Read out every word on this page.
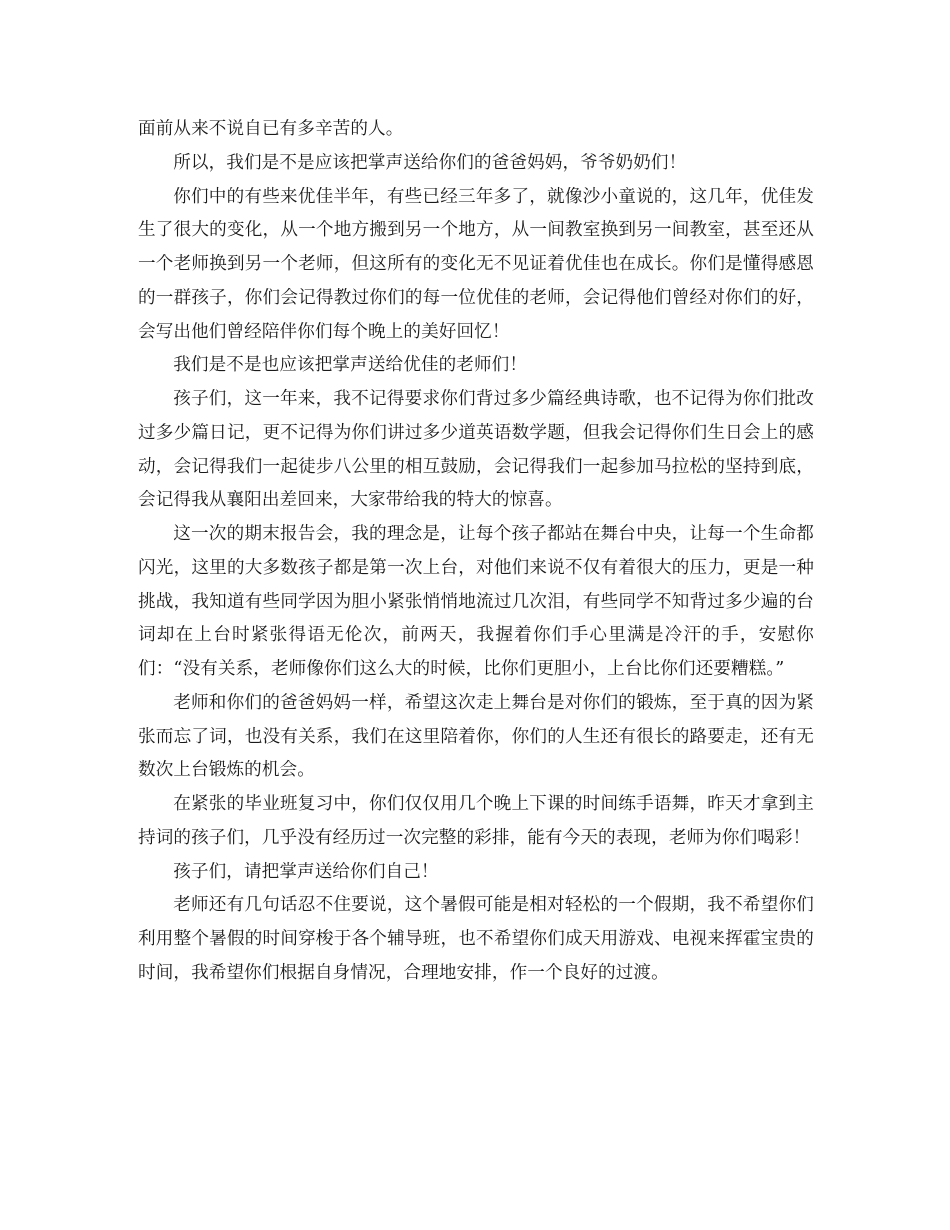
面前从来不说自已有多辛苦的人。

所以，我们是不是应该把掌声送给你们的爸爸妈妈，爷爷奶奶们！

你们中的有些来优佳半年，有些已经三年多了，就像沙小童说的，这几年，优佳发生了很大的变化，从一个地方搬到另一个地方，从一间教室换到另一间教室，甚至还从一个老师换到另一个老师，但这所有的变化无不见证着优佳也在成长。你们是懂得感恩的一群孩子，你们会记得教过你们的每一位优佳的老师，会记得他们曾经对你们的好，会写出他们曾经陪伴你们每个晚上的美好回忆！

我们是不是也应该把掌声送给优佳的老师们！

孩子们，这一年来，我不记得要求你们背过多少篇经典诗歌，也不记得为你们批改过多少篇日记，更不记得为你们讲过多少道英语数学题，但我会记得你们生日会上的感动，会记得我们一起徒步八公里的相互鼓励，会记得我们一起参加马拉松的坚持到底，会记得我从襄阳出差回来，大家带给我的特大的惊喜。

这一次的期末报告会，我的理念是，让每个孩子都站在舞台中央，让每一个生命都闪光，这里的大多数孩子都是第一次上台，对他们来说不仅有着很大的压力，更是一种挑战，我知道有些同学因为胆小紧张悄悄地流过几次泪，有些同学不知背过多少遍的台词却在上台时紧张得语无伦次，前两天，我握着你们手心里满是冷汗的手，安慰你们：“没有关系，老师像你们这么大的时候，比你们更胆小，上台比你们还要糟糕。”

老师和你们的爸爸妈妈一样，希望这次走上舞台是对你们的锻炼，至于真的因为紧张而忘了词，也没有关系，我们在这里陪着你，你们的人生还有很长的路要走，还有无数次上台锻炼的机会。

在紧张的毕业班复习中，你们仅仅用几个晚上下课的时间练手语舞，昨天才拿到主持词的孩子们，几乎没有经历过一次完整的彩排，能有今天的表现，老师为你们喝彩！

孩子们，请把掌声送给你们自己！

老师还有几句话忍不住要说，这个暑假可能是相对轻松的一个假期，我不希望你们利用整个暑假的时间穿梭于各个辅导班，也不希望你们成天用游戏、电视来挥霍宝贵的时间，我希望你们根据自身情况，合理地安排，作一个良好的过渡。
